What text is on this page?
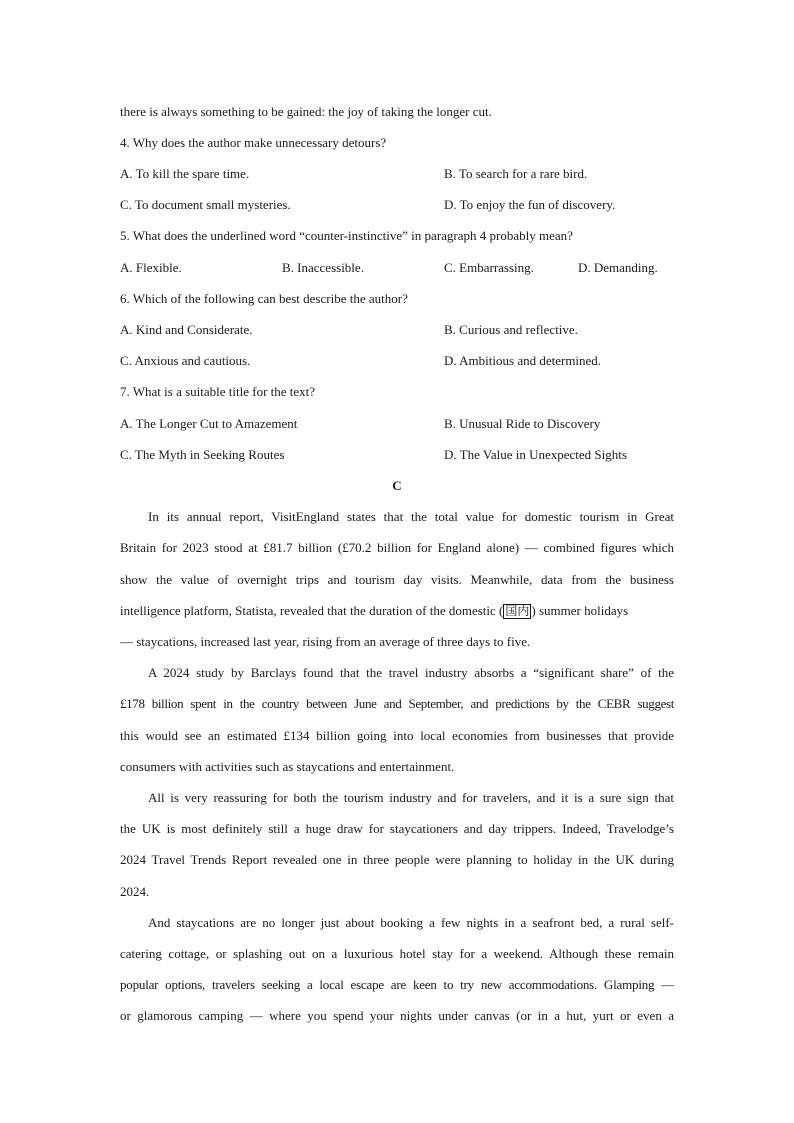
there is always something to be gained: the joy of taking the longer cut.
4. Why does the author make unnecessary detours?
A. To kill the spare time.	B. To search for a rare bird.
C. To document small mysteries.	D. To enjoy the fun of discovery.
5. What does the underlined word “counter-instinctive” in paragraph 4 probably mean?
A. Flexible.	B. Inaccessible.	C. Embarrassing.	D. Demanding.
6. Which of the following can best describe the author?
A. Kind and Considerate.	B. Curious and reflective.
C. Anxious and cautious.	D. Ambitious and determined.
7. What is a suitable title for the text?
A. The Longer Cut to Amazement	B. Unusual Ride to Discovery
C. The Myth in Seeking Routes	D. The Value in Unexpected Sights
C
In its annual report, VisitEngland states that the total value for domestic tourism in Great
Britain for 2023 stood at £81.7 billion (£70.2 billion for England alone) — combined figures which
show the value of overnight trips and tourism day visits. Meanwhile, data from the business
intelligence platform, Statista, revealed that the duration of the domestic ( 国内 ) summer holidays
— staycations, increased last year, rising from an average of three days to five.
A 2024 study by Barclays found that the travel industry absorbs a “significant share” of the
£178 billion spent in the country between June and September, and predictions by the CEBR suggest
this would see an estimated £134 billion going into local economies from businesses that provide
consumers with activities such as staycations and entertainment.
All is very reassuring for both the tourism industry and for travelers, and it is a sure sign that
the UK is most definitely still a huge draw for staycationers and day trippers. Indeed, Travelodge’s
2024 Travel Trends Report revealed one in three people were planning to holiday in the UK during
2024.
And staycations are no longer just about booking a few nights in a seafront bed, a rural self-
catering cottage, or splashing out on a luxurious hotel stay for a weekend. Although these remain
popular options, travelers seeking a local escape are keen to try new accommodations. Glamping —
or glamorous camping — where you spend your nights under canvas (or in a hut, yurt or even a
